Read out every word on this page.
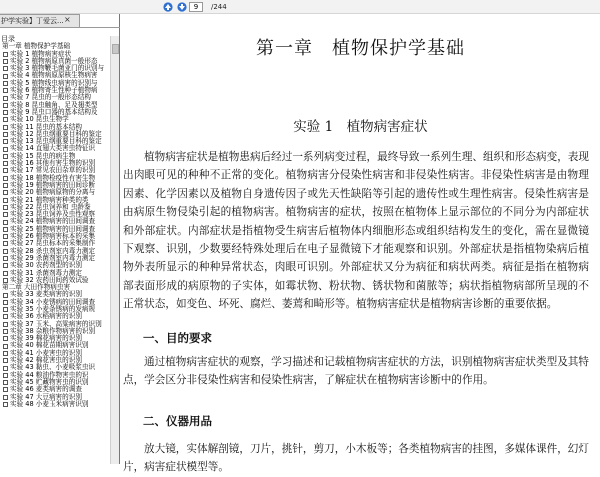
9
/244
护学实验】丁爱云... ×
目录
第一章 植物保护学基础
实验 1 植物病害症状
实验 2 植物病原真菌一般形态
实验 3 植物鞭毛菌亚门的识别与
实验 4 植物病原原核生物病害
实验 5 植物线虫病害的识别与
实验 6 植物寄生性种子植物病
实验 7 昆虫的一般形态结构
实验 8 昆虫触角、足及翅类型
实验 9 昆虫口器的基本结构及
实验 10 昆虫生物学
实验 11 昆虫的基本结构
实验 12 昆虫纲重要目科的鉴定
实验 13 昆虫纲重要目科的鉴定
实验 14 直翅大类害虫特征识
实验 15 昆虫的病生物
实验 16 其他有害生物的识别
实验 17 常见农田杂草的识别
实验 18 植物检疫性有害生物
实验 19 植物病害的田间诊断
实验 20 植物病原物的分离与
实验 21 植物病害种类的类
实验 22 昆虫饲养和 虫龄鉴
实验 23 昆虫饲养及虫性观察
实验 24 植物病害的田间调查
实验 25 植物病害的田间调查
实验 26 植物病害标本的采集
实验 27 昆虫标本的采集制作
实验 28 杀虫剂室内毒力测定
实验 29 杀菌剂室内毒力测定
实验 30 农药剂型的识别
实验 31 杀菌剂毒力测定
实验 32 农药田间药效试验
第二章 大田作物病虫害
实验 33 麦类病害的识别
实验 34 小麦锈病的田间调查
实验 35 小麦条锈病的发病规
实验 36 水稻病害的识别
实验 37 玉米、高粱病害的识别
实验 38 杂粮作物病害的识别
实验 39 棉花病害的识别
实验 40 棉花苗期病害识别
实验 41 小麦害虫的识别
实验 42 棉花害虫的识别
实验 43 黏虫、小麦吸浆虫识
实验 44 粮油作物害虫的识
实验 45 贮藏物害虫的识别
实验 46 麦类病害的调查
实验 47 大豆病害的识别
实验 48 小麦玉米病害识别
第一章　植物保护学基础
实验 1　植物病害症状
植物病害症状是植物患病后经过一系列病变过程，最终导致一系列生理、组织和形态病变，表现出肉眼可见的种种不正常的变化。植物病害分侵染性病害和非侵染性病害。非侵染性病害是由物理因素、化学因素以及植物自身遗传因子或先天性缺陷等引起的遗传性或生理性病害。侵染性病害是由病原生物侵染引起的植物病害。植物病害的症状，按照在植物体上显示部位的不同分为内部症状和外部症状。内部症状是指植物受生病害后植物体内细胞形态或组织结构发生的变化，需在显微镜下观察、识别，少数要经特殊处理后在电子显微镜下才能观察和识别。外部症状是指植物染病后植物外表所显示的种种异常状态，肉眼可识别。外部症状又分为病征和病状两类。病征是指在植物病部表面形成的病原物的子实体，如霉状物、粉状物、锈状物和菌脓等；病状指植物病部所呈现的不正常状态，如变色、坏死、腐烂、萎蔫和畸形等。植物病害症状是植物病害诊断的重要依据。
一、目的要求
通过植物病害症状的观察，学习描述和记载植物病害症状的方法，识别植物病害症状类型及其特点，学会区分非侵染性病害和侵染性病害，了解症状在植物病害诊断中的作用。
二、仪器用品
放大镜，实体解剖镜，刀片，挑针，剪刀，小木板等；各类植物病害的挂图，多媒体课件，幻灯片，病害症状模型等。
